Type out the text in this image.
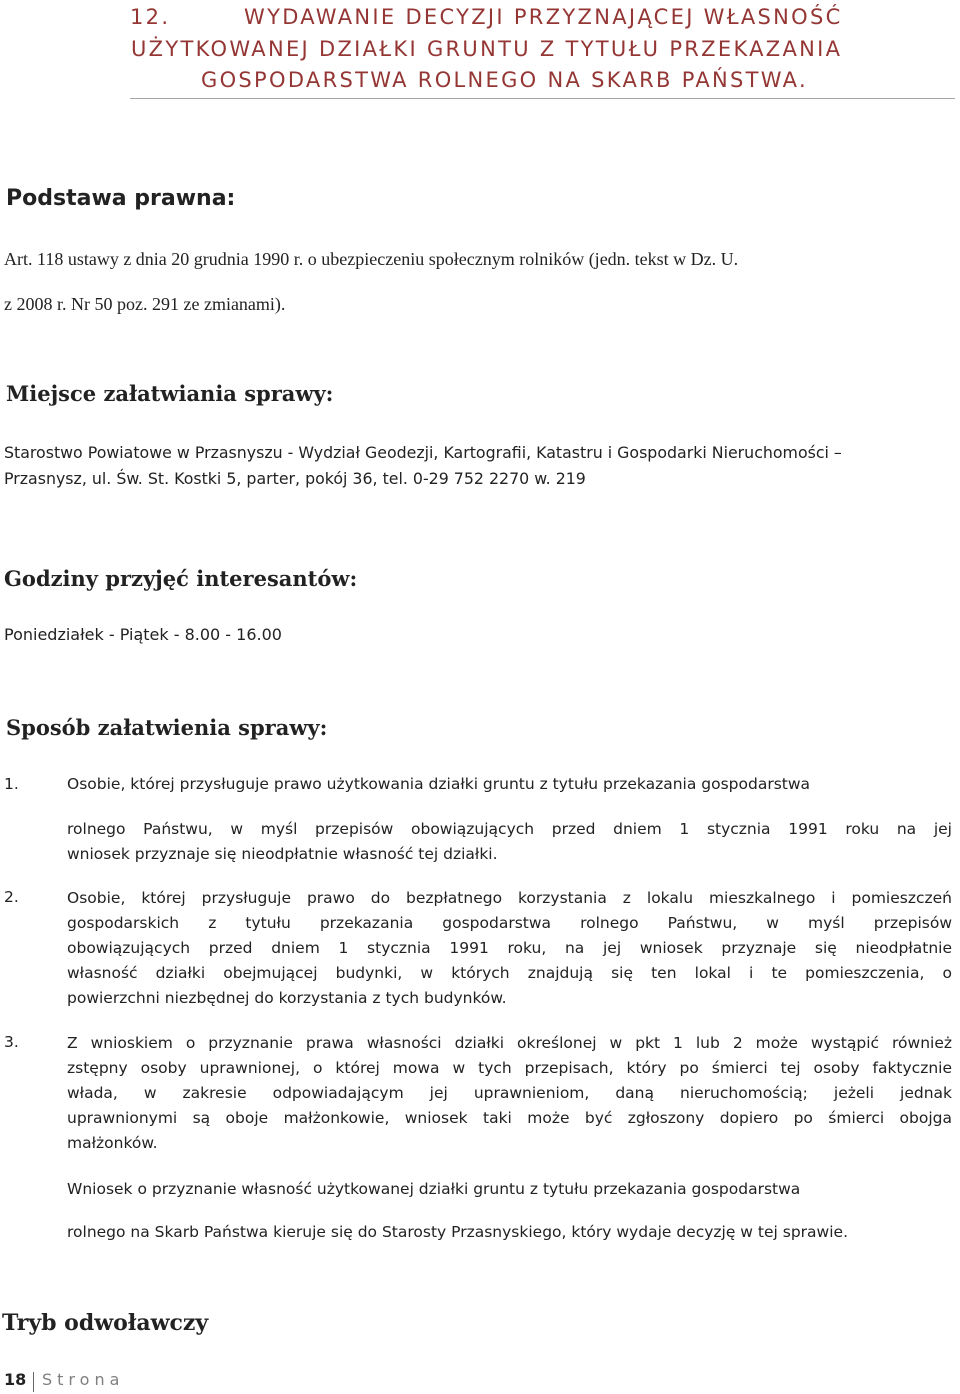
12.	WYDAWANIE DECYZJI PRZYZNAJĄCEJ WŁASNOŚĆ
UŻYTKOWANEJ DZIAŁKI GRUNTU Z TYTUŁU PRZEKAZANIA
GOSPODARSTWA ROLNEGO NA SKARB PAŃSTWA.
Podstawa prawna:
Art. 118 ustawy z dnia 20 grudnia 1990 r. o ubezpieczeniu społecznym rolników (jedn. tekst w Dz. U.
z 2008 r. Nr 50 poz. 291 ze zmianami).
Miejsce załatwiania sprawy:
Starostwo Powiatowe w Przasnyszu - Wydział Geodezji, Kartografii, Katastru i Gospodarki Nieruchomości –
Przasnysz, ul. Św. St. Kostki 5, parter, pokój 36, tel. 0-29 752 2270 w. 219
Godziny przyjęć interesantów:
Poniedziałek - Piątek - 8.00 - 16.00
Sposób załatwienia sprawy:
1.	Osobie, której przysługuje prawo użytkowania działki gruntu z tytułu przekazania gospodarstwa
rolnego Państwu, w myśl przepisów obowiązujących przed dniem 1 stycznia 1991 roku na jej
wniosek przyznaje się nieodpłatnie własność tej działki.
2.	Osobie, której przysługuje prawo do bezpłatnego korzystania z lokalu mieszkalnego i pomieszczeń
gospodarskich z tytułu przekazania gospodarstwa rolnego Państwu, w myśl przepisów
obowiązujących przed dniem 1 stycznia 1991 roku, na jej wniosek przyznaje się nieodpłatnie
własność działki obejmującej budynki, w których znajdują się ten lokal i te pomieszczenia, o
powierzchni niezbędnej do korzystania z tych budynków.
3.	Z wnioskiem o przyznanie prawa własności działki określonej w pkt 1 lub 2 może wystąpić również
zstępny osoby uprawnionej, o której mowa w tych przepisach, który po śmierci tej osoby faktycznie
włada, w zakresie odpowiadającym jej uprawnieniom, daną nieruchomością; jeżeli jednak
uprawnionymi są oboje małżonkowie, wniosek taki może być zgłoszony dopiero po śmierci obojga
małżonków.
Wniosek o przyznanie własność użytkowanej działki gruntu z tytułu przekazania gospodarstwa
rolnego na Skarb Państwa kieruje się do Starosty Przasnyskiego, który wydaje decyzję w tej sprawie.
Tryb odwoławczy
18 Strona
